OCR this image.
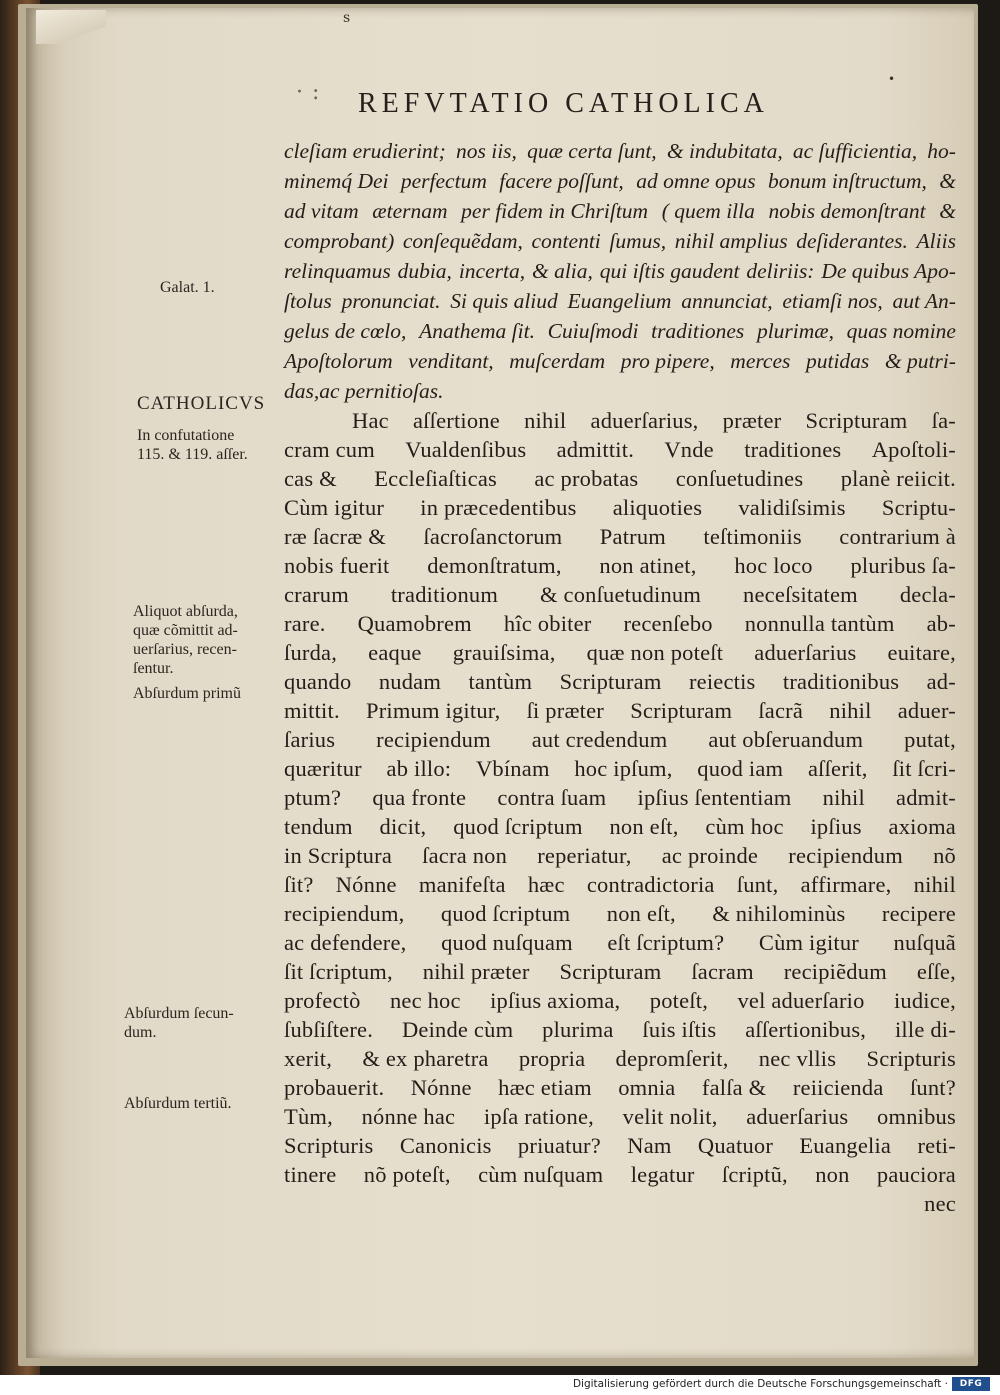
s
•
· : REFVTATIO CATHOLICA
cleſiam erudierint; nos iis, quæ certa ſunt, & indubitata, ac ſufficientia, ho-
minemq́ Dei perfectum facere poſſunt, ad omne opus bonum inſtructum, &
ad vitam æternam per fidem in Chriſtum ( quem illa nobis demonſtrant &
comprobant) conſequẽdam, contenti ſumus, nihil amplius deſiderantes. Aliis
relinquamus dubia, incerta, & alia, qui iſtis gaudent deliriis: De quibus Apo-
ſtolus pronunciat. Si quis aliud Euangelium annunciat, etiamſi nos, aut An-
gelus de cœlo, Anathema ſit. Cuiuſmodi traditiones plurimæ, quas nomine
Apoſtolorum venditant, muſcerdam pro pipere, merces putidas & putri-
das, ac pernitioſas.
Hac aſſertione nihil aduerſarius, præter Scripturam ſa-
cram cum Vualdenſibus admittit. Vnde traditiones Apoſtoli-
cas & Eccleſiaſticas ac probatas conſuetudines planè reiicit.
Cùm igitur in præcedentibus aliquoties validiſsimis Scriptu-
ræ ſacræ & ſacroſanctorum Patrum teſtimoniis contrarium à
nobis fuerit demonſtratum, non atinet, hoc loco pluribus ſa-
crarum traditionum & conſuetudinum neceſsitatem decla-
rare. Quamobrem hîc obiter recenſebo nonnulla tantùm ab-
ſurda, eaque grauiſsima, quæ non poteſt aduerſarius euitare,
quando nudam tantùm Scripturam reiectis traditionibus ad-
mittit. Primum igitur, ſi præter Scripturam ſacrã nihil aduer-
ſarius recipiendum aut credendum aut obſeruandum putat,
quæritur ab illo: Vbínam hoc ipſum, quod iam aſſerit, ſit ſcri-
ptum? qua fronte contra ſuam ipſius ſententiam nihil admit-
tendum dicit, quod ſcriptum non eſt, cùm hoc ipſius axioma
in Scriptura ſacra non reperiatur, ac proinde recipiendum nõ
ſit? Nónne manifeſta hæc contradictoria ſunt, affirmare, nihil
recipiendum, quod ſcriptum non eſt, & nihilominùs recipere
ac defendere, quod nuſquam eſt ſcriptum? Cùm igitur nuſquã
ſit ſcriptum, nihil præter Scripturam ſacram recipiẽdum eſſe,
profectò nec hoc ipſius axioma, poteſt, vel aduerſario iudice,
ſubſiſtere. Deinde cùm plurima ſuis iſtis aſſertionibus, ille di-
xerit, & ex pharetra propria depromſerit, nec vllis Scripturis
probauerit. Nónne hæc etiam omnia falſa & reiicienda ſunt?
Tùm, nónne hac ipſa ratione, velit nolit, aduerſarius omnibus
Scripturis Canonicis priuatur? Nam Quatuor Euangelia reti-
tinere nõ poteſt, cùm nuſquam legatur ſcriptũ, non pauciora
nec

Galat. 1.

CATHOLICVS

In confutatione

115. & 119. aſſer.

Aliquot abſurda,

quæ cõmittit ad-

uerſarius, recen-

ſentur.

Abſurdum primũ

Abſurdum ſecun-

dum.

Abſurdum tertiũ.

Digitalisierung gefördert durch die Deutsche Forschungsgemeinschaft ·	DFG
